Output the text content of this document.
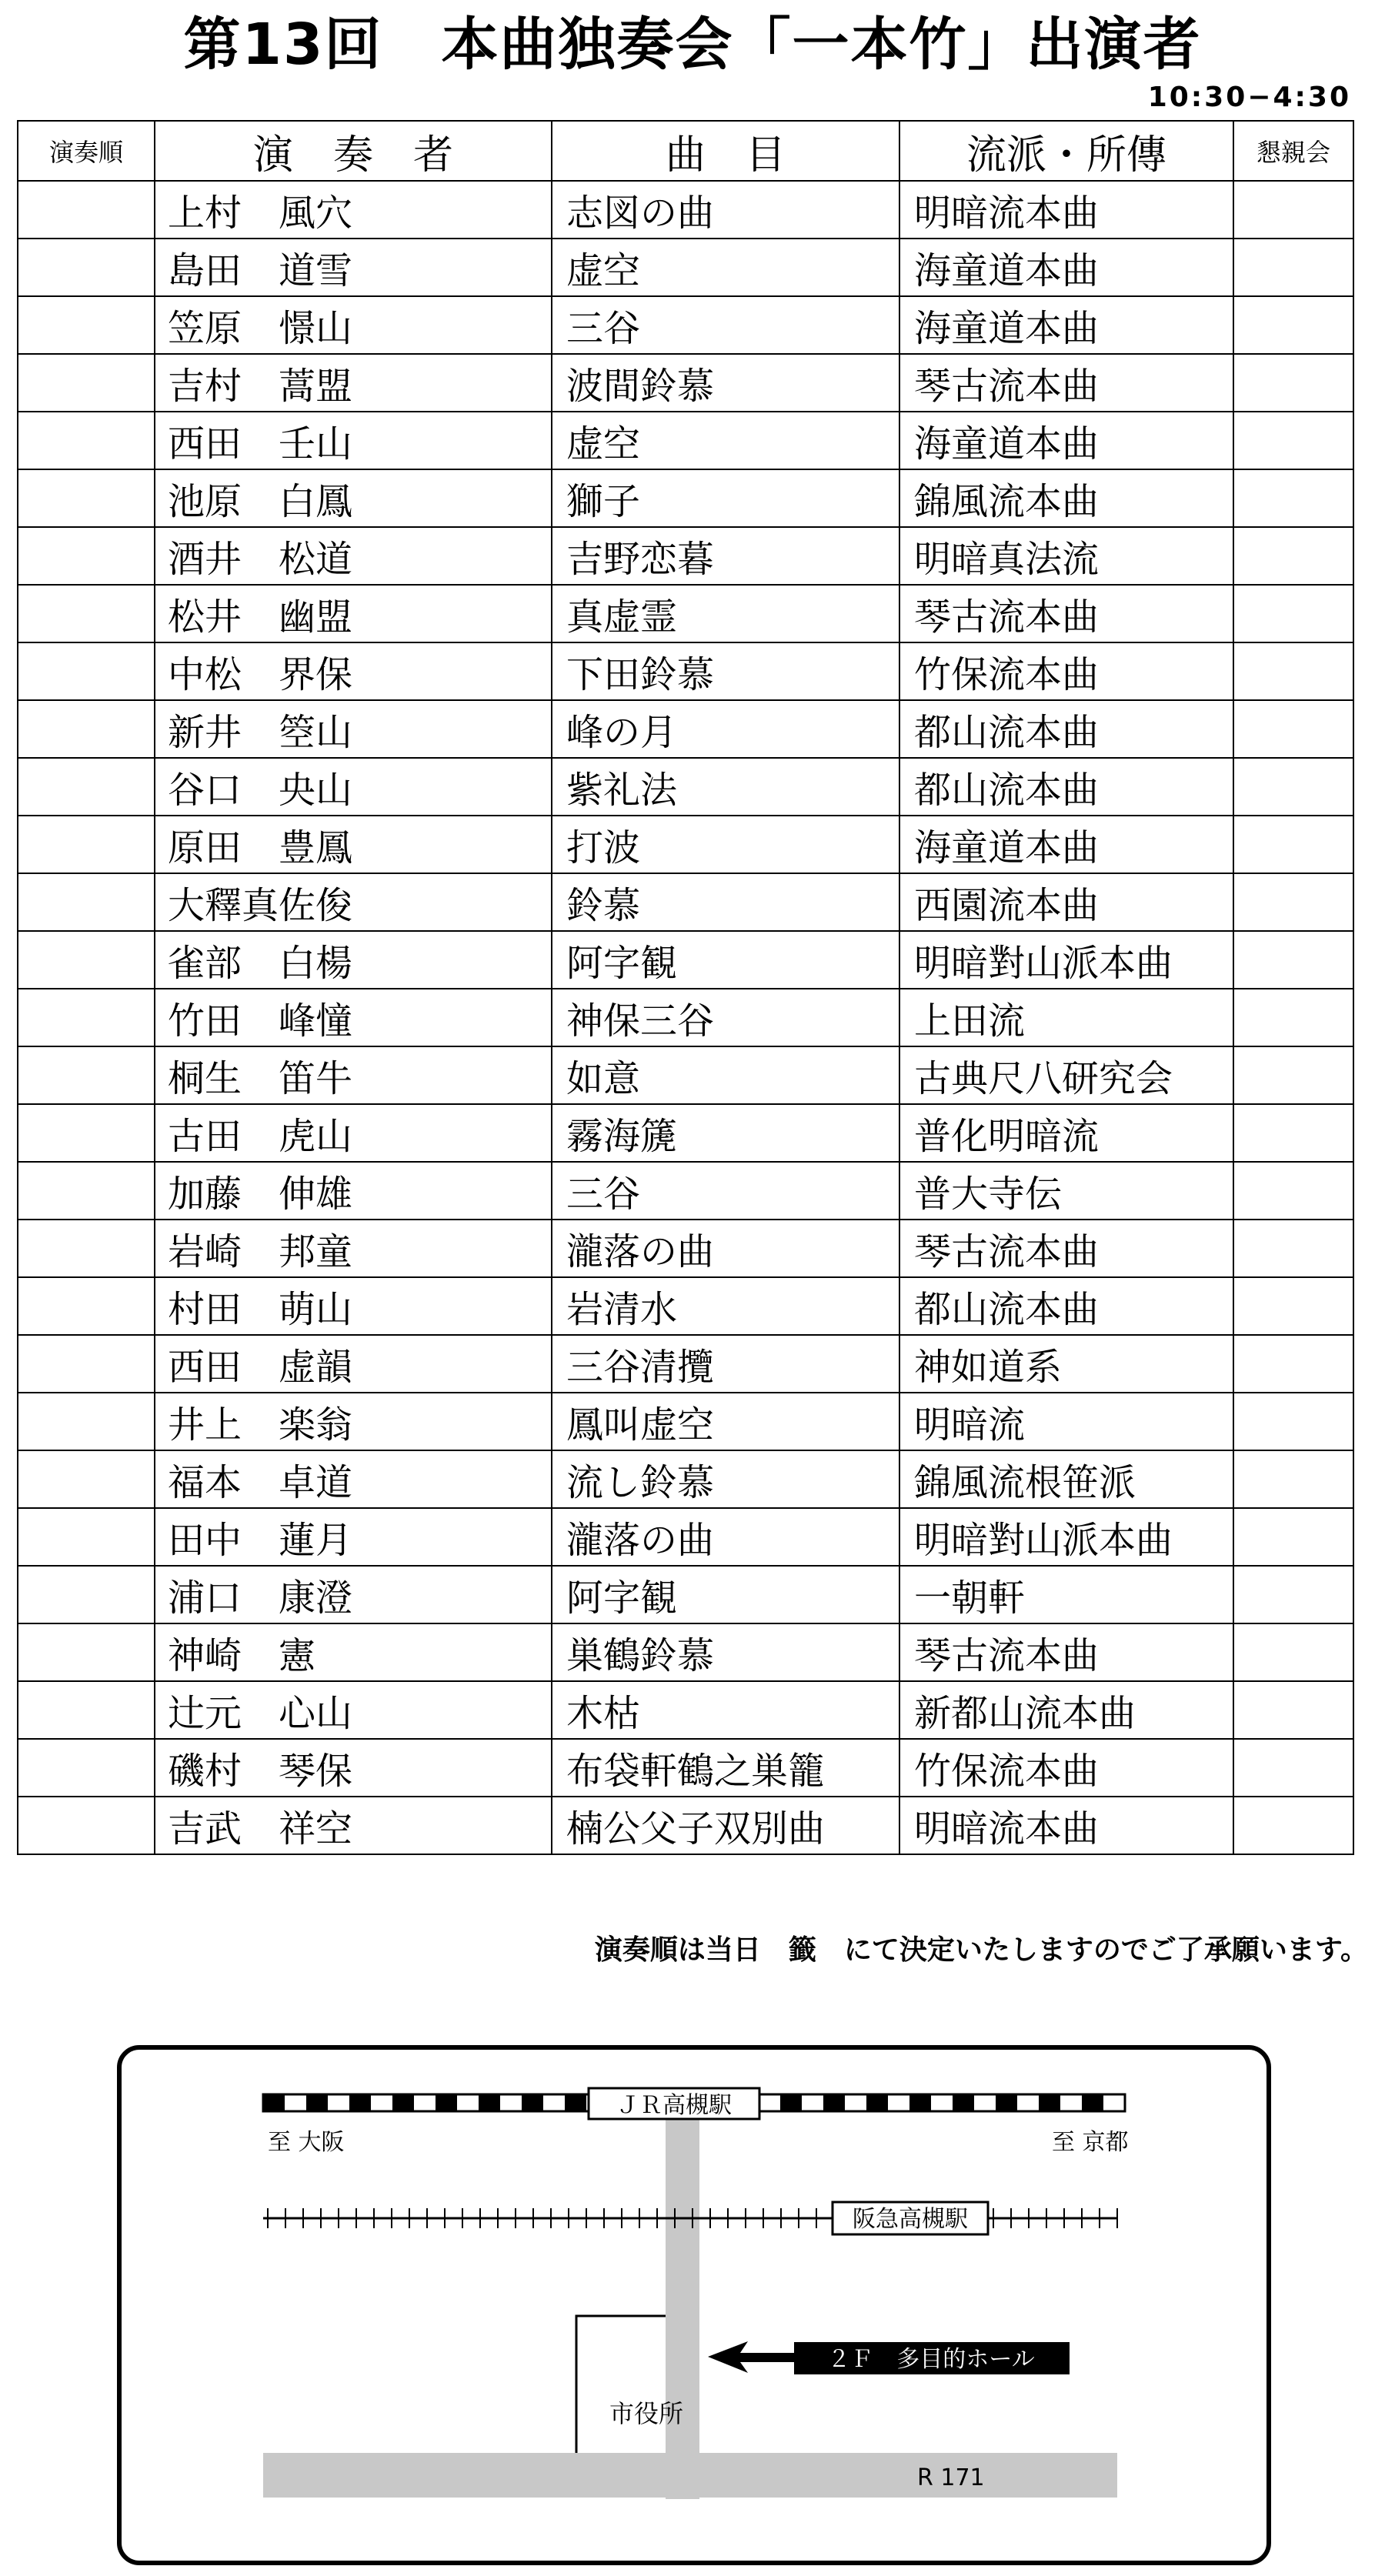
第13回　本曲独奏会「一本竹」出演者
10:30−4:30
演奏順	演　奏　者	曲　目	流派・所傳	懇親会
	上村　風穴	志図の曲	明暗流本曲	
	島田　道雪	虚空	海童道本曲	
	笠原　憬山	三谷	海童道本曲	
	吉村　蒿盟	波間鈴慕	琴古流本曲	
	西田　壬山	虚空	海童道本曲	
	池原　白鳳	獅子	錦風流本曲	
	酒井　松道	吉野恋暮	明暗真法流	
	松井　幽盟	真虚霊	琴古流本曲	
	中松　界保	下田鈴慕	竹保流本曲	
	新井　箜山	峰の月	都山流本曲	
	谷口　央山	紫礼法	都山流本曲	
	原田　豊鳳	打波	海童道本曲	
	大釋真佐俊	鈴慕	西園流本曲	
	雀部　白楊	阿字観	明暗對山派本曲	
	竹田　峰憧	神保三谷	上田流	
	桐生　笛牛	如意	古典尺八研究会	
	古田　虎山	霧海篪	普化明暗流	
	加藤　伸雄	三谷	普大寺伝	
	岩崎　邦童	瀧落の曲	琴古流本曲	
	村田　萌山	岩清水	都山流本曲	
	西田　虚韻	三谷清攬	神如道系	
	井上　楽翁	鳳叫虚空	明暗流	
	福本　卓道	流し鈴慕	錦風流根笹派	
	田中　蓮月	瀧落の曲	明暗對山派本曲	
	浦口　康澄	阿字観	一朝軒	
	神崎　憲	巣鶴鈴慕	琴古流本曲	
	辻元　心山	木枯	新都山流本曲	
	磯村　琴保	布袋軒鶴之巣籠	竹保流本曲	
	吉武　祥空	楠公父子双別曲	明暗流本曲	
演奏順は当日　籤　にて決定いたしますのでご了承願います。
ＪＲ高槻駅
至 大阪	至 京都
阪急高槻駅
市役所
２Ｆ　多目的ホール
R 171
